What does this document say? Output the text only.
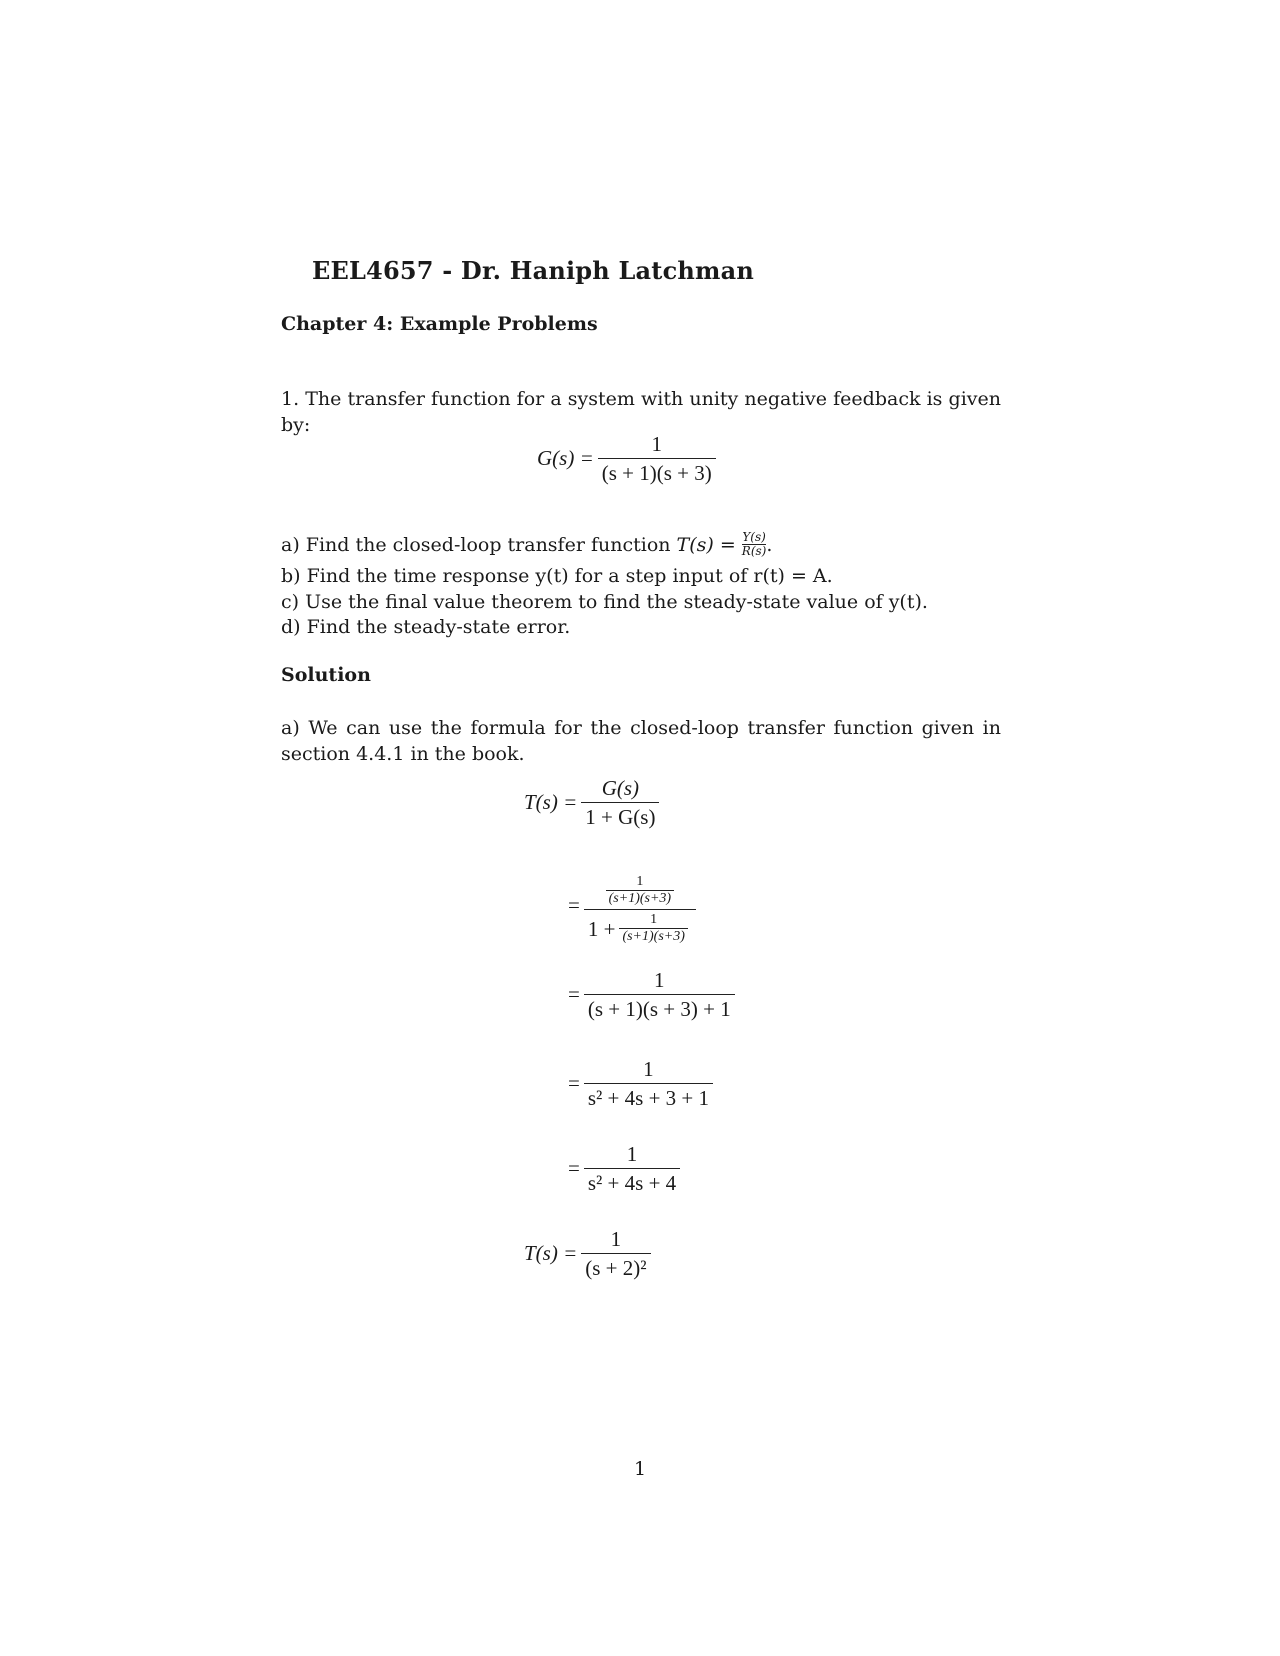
EEL4657 - Dr. Haniph Latchman
Chapter 4: Example Problems
1. The transfer function for a system with unity negative feedback is given by:
$G(s) = \frac{1}{(s + 1)(s + 3)}$
a) Find the closed-loop transfer function $T(s) = \frac{Y(s)}{R(s)}$ .
b) Find the time response y(t) for a step input of r(t) = A.
c) Use the final value theorem to find the steady-state value of y(t).
d) Find the steady-state error.
Solution
a) We can use the formula for the closed-loop transfer function given in section 4.4.1 in the book.
$T(s) = \frac{G(s)}{1 + G(s)}$
= $\frac{\frac{1}{(s+1)(s+3)}}{1 + \frac{1}{(s+1)(s+3)}}$
= $\frac{1}{(s + 1)(s + 3) + 1}$
= $\frac{1}{\text{s² + 4s + 3 + 1}}$
= $\frac{1}{\text{s² + 4s + 4}}$
$T(s) = \frac{1}{\text{(s + 2)²}}$
1
